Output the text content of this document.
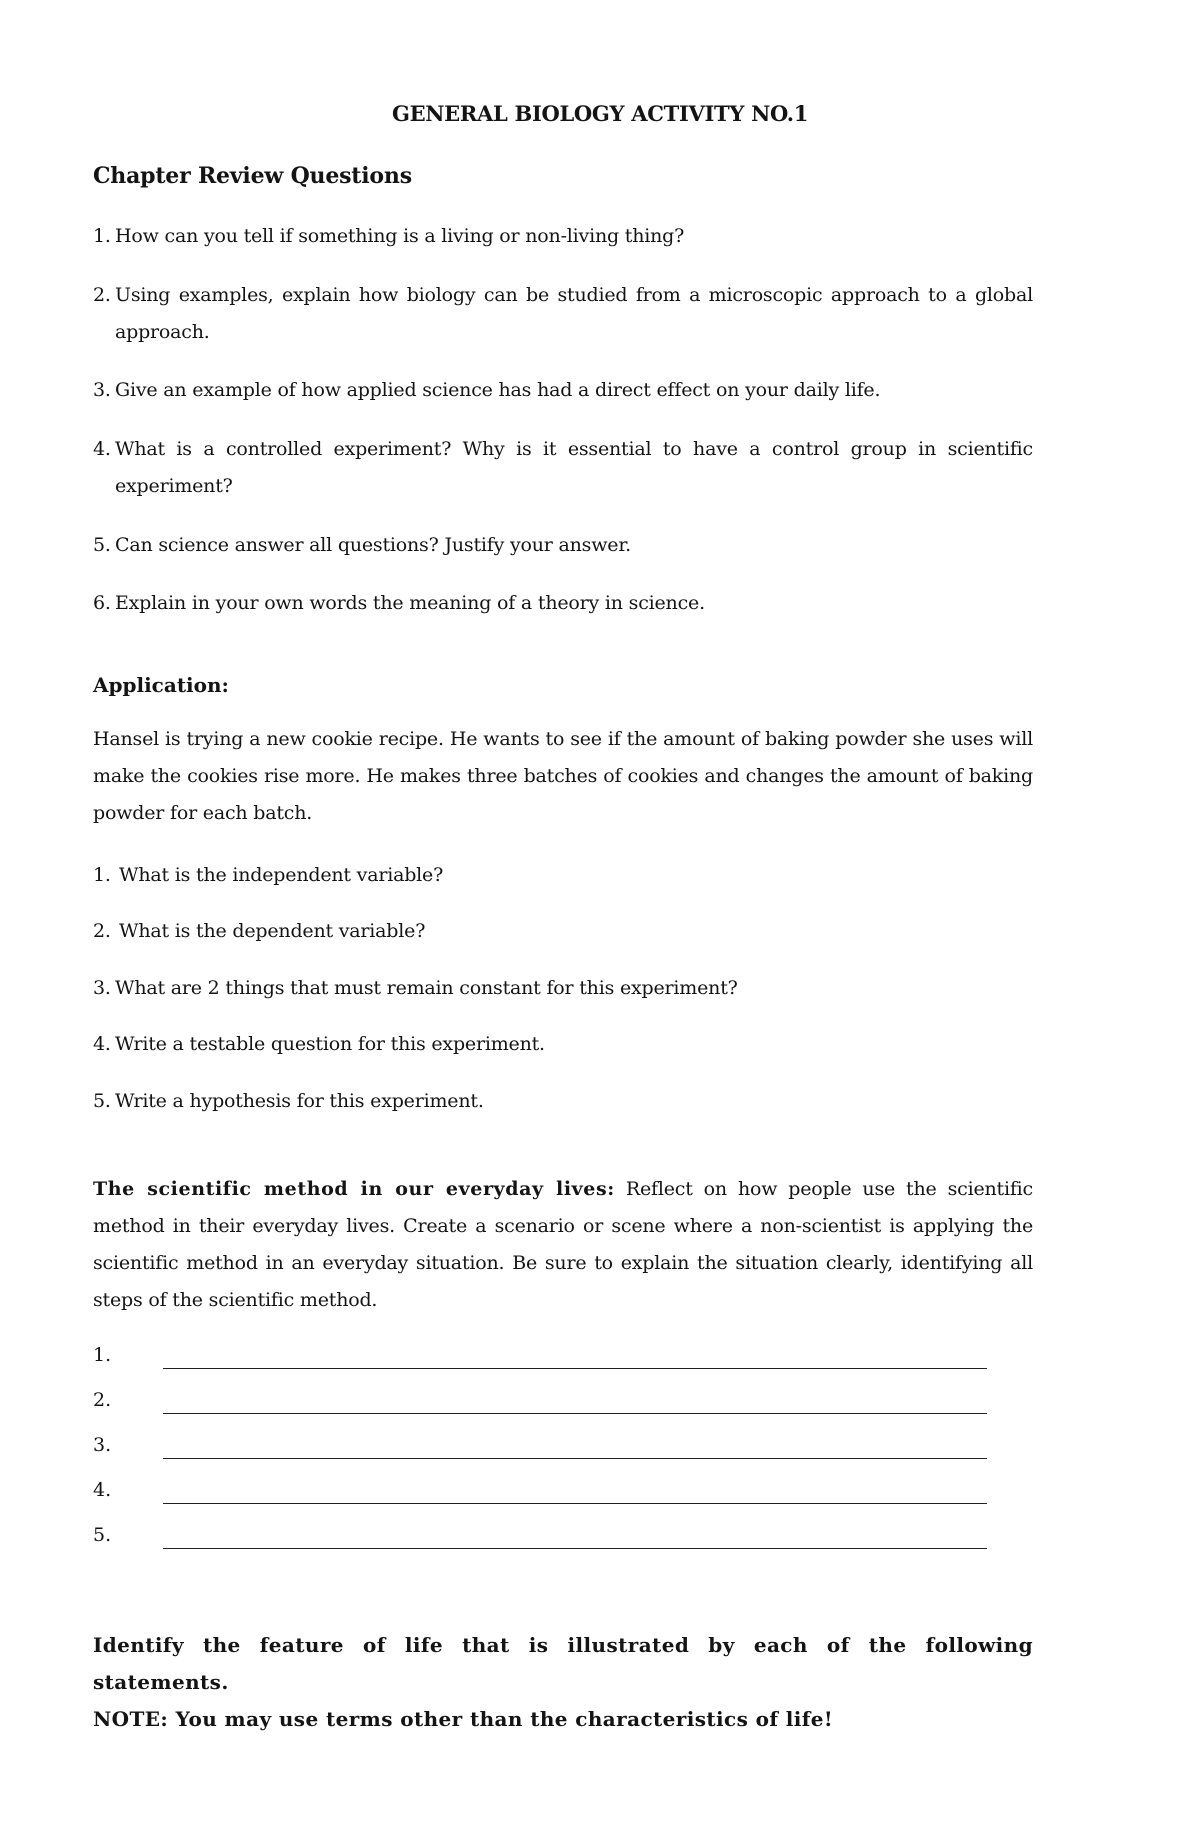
GENERAL BIOLOGY ACTIVITY NO.1
Chapter Review Questions
1. How can you tell if something is a living or non-living thing?
2. Using examples, explain how biology can be studied from a microscopic approach to a global approach.
3. Give an example of how applied science has had a direct effect on your daily life.
4. What is a controlled experiment? Why is it essential to have a control group in scientific experiment?
5. Can science answer all questions? Justify your answer.
6. Explain in your own words the meaning of a theory in science.
Application:
Hansel is trying a new cookie recipe. He wants to see if the amount of baking powder she uses will make the cookies rise more. He makes three batches of cookies and changes the amount of baking powder for each batch.
1. What is the independent variable?
2. What is the dependent variable?
3. What are 2 things that must remain constant for this experiment?
4. Write a testable question for this experiment.
5. Write a hypothesis for this experiment.
The scientific method in our everyday lives: Reflect on how people use the scientific method in their everyday lives. Create a scenario or scene where a non-scientist is applying the scientific method in an everyday situation. Be sure to explain the situation clearly, identifying all steps of the scientific method.
1.
2.
3.
4.
5.
Identify the feature of life that is illustrated by each of the following statements.
NOTE: You may use terms other than the characteristics of life!
